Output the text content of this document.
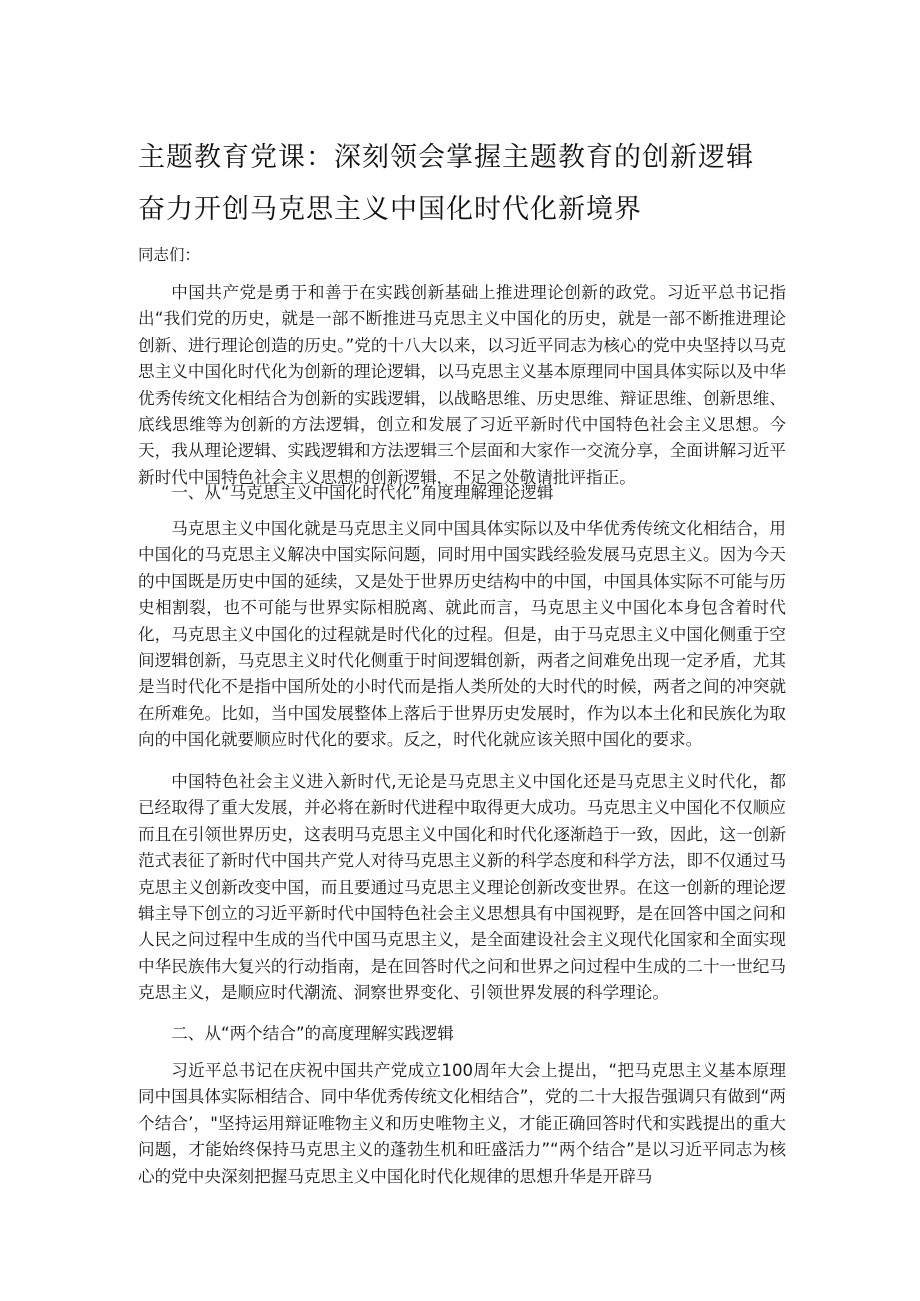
主题教育党课：深刻领会掌握主题教育的创新逻辑
奋力开创马克思主义中国化时代化新境界

同志们：

中国共产党是勇于和善于在实践创新基础上推进理论创新的政党。习近平总书记指出“我们党的历史，就是一部不断推进马克思主义中国化的历史，就是一部不断推进理论创新、进行理论创造的历史。”党的十八大以来，以习近平同志为核心的党中央坚持以马克思主义中国化时代化为创新的理论逻辑，以马克思主义基本原理同中国具体实际以及中华优秀传统文化相结合为创新的实践逻辑，以战略思维、历史思维、辩证思维、创新思维、底线思维等为创新的方法逻辑，创立和发展了习近平新时代中国特色社会主义思想。今天，我从理论逻辑、实践逻辑和方法逻辑三个层面和大家作一交流分享，全面讲解习近平新时代中国特色社会主义思想的创新逻辑，不足之处敬请批评指正。

一、从“马克思主义中国化时代化”角度理解理论逻辑

马克思主义中国化就是马克思主义同中国具体实际以及中华优秀传统文化相结合，用中国化的马克思主义解决中国实际问题，同时用中国实践经验发展马克思主义。因为今天的中国既是历史中国的延续，又是处于世界历史结构中的中国，中国具体实际不可能与历史相割裂，也不可能与世界实际相脱离、就此而言，马克思主义中国化本身包含着时代化，马克思主义中国化的过程就是时代化的过程。但是，由于马克思主义中国化侧重于空间逻辑创新，马克思主义时代化侧重于时间逻辑创新，两者之间难免出现一定矛盾，尤其是当时代化不是指中国所处的小时代而是指人类所处的大时代的时候，两者之间的冲突就在所难免。比如，当中国发展整体上落后于世界历史发展时，作为以本土化和民族化为取向的中国化就要顺应时代化的要求。反之，时代化就应该关照中国化的要求。

中国特色社会主义进入新时代,无论是马克思主义中国化还是马克思主义时代化，都已经取得了重大发展，并必将在新时代进程中取得更大成功。马克思主义中国化不仅顺应而且在引领世界历史，这表明马克思主义中国化和时代化逐渐趋于一致，因此，这一创新范式表征了新时代中国共产党人对待马克思主义新的科学态度和科学方法，即不仅通过马克思主义创新改变中国，而且要通过马克思主义理论创新改变世界。在这一创新的理论逻辑主导下创立的习近平新时代中国特色社会主义思想具有中国视野，是在回答中国之问和人民之问过程中生成的当代中国马克思主义，是全面建设社会主义现代化国家和全面实现中华民族伟大复兴的行动指南，是在回答时代之问和世界之问过程中生成的二十一世纪马克思主义，是顺应时代潮流、洞察世界变化、引领世界发展的科学理论。

二、从“两个结合”的高度理解实践逻辑

习近平总书记在庆祝中国共产党成立100周年大会上提出，“把马克思主义基本原理同中国具体实际相结合、同中华优秀传统文化相结合”，党的二十大报告强调只有做到“两个结合’，"坚持运用辩证唯物主义和历史唯物主义，才能正确回答时代和实践提出的重大问题，才能始终保持马克思主义的蓬勃生机和旺盛活力”“两个结合”是以习近平同志为核心的党中央深刻把握马克思主义中国化时代化规律的思想升华是开辟马
